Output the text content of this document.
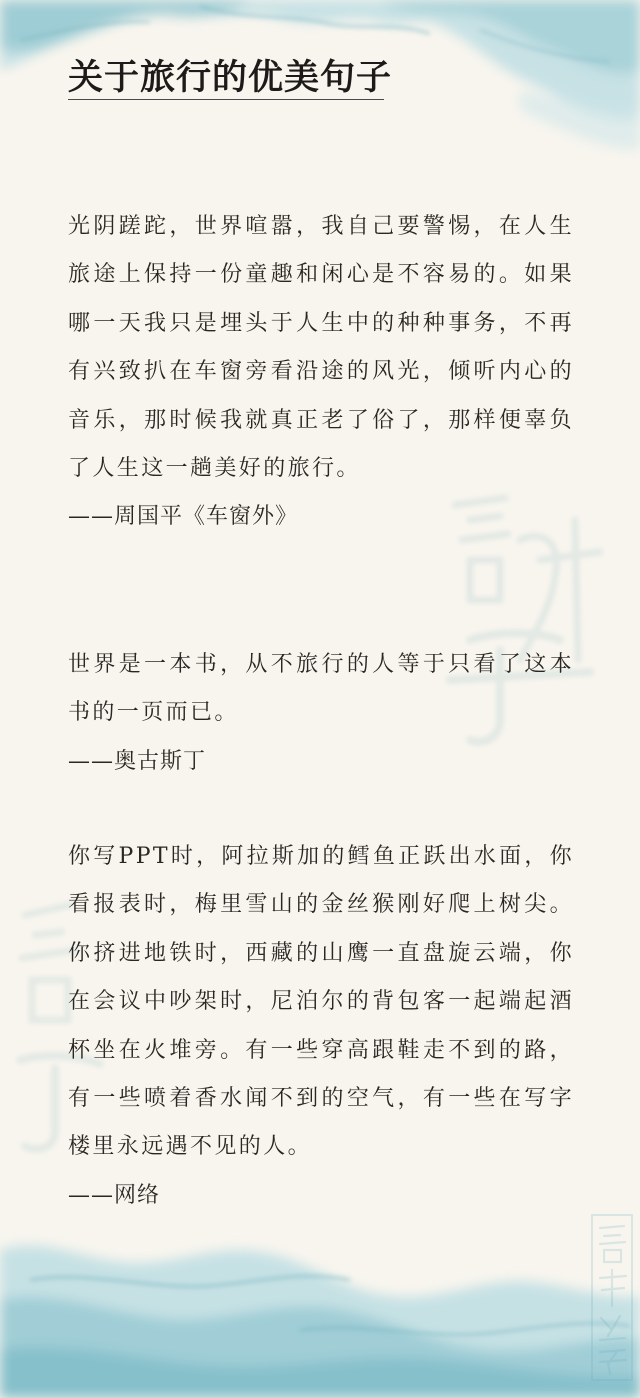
关于旅行的优美句子

光阴蹉跎，世界喧嚣，我自己要警惕，在人生旅途上保持一份童趣和闲心是不容易的。如果哪一天我只是埋头于人生中的种种事务，不再有兴致扒在车窗旁看沿途的风光，倾听内心的音乐，那时候我就真正老了俗了，那样便辜负了人生这一趟美好的旅行。

——周国平《车窗外》

世界是一本书，从不旅行的人等于只看了这本书的一页而已。

——奥古斯丁

你写PPT时，阿拉斯加的鳕鱼正跃出水面，你看报表时，梅里雪山的金丝猴刚好爬上树尖。你挤进地铁时，西藏的山鹰一直盘旋云端，你在会议中吵架时，尼泊尔的背包客一起端起酒杯坐在火堆旁。有一些穿高跟鞋走不到的路，有一些喷着香水闻不到的空气，有一些在写字楼里永远遇不见的人。

——网络
